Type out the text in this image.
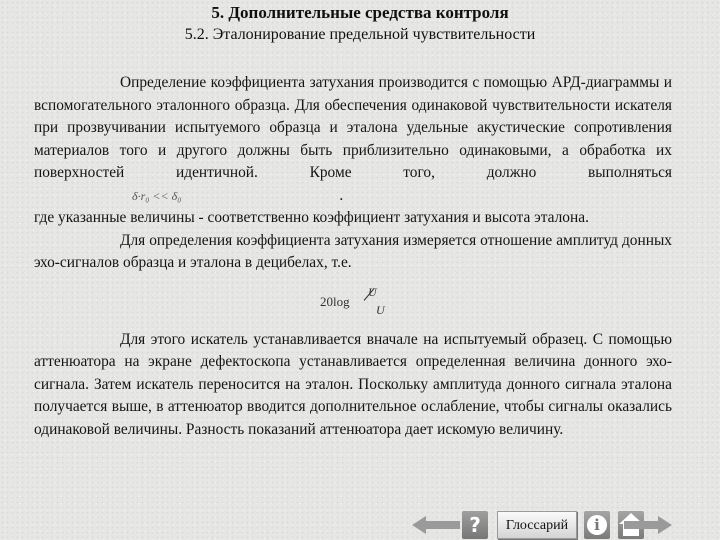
5. Дополнительные средства контроля
5.2. Эталонирование предельной чувствительности

Определение коэффициента затухания производится с помощью АРД-диаграммы и вспомогательного эталонного образца. Для обеспечения одинаковой чувствительности искателя при прозвучивании испытуемого образца и эталона удельные акустические сопротивления материалов того и другого должны быть приблизительно одинаковыми, а обработка их поверхностей идентичной. Кроме того, должно выполнятьсяδ·r₀ << δ₀	.

где указанные величины - соответственно коэффициент затухания и высота эталона.

Для определения коэффициента затухания измеряется отношение амплитуд донных эхо-сигналов образца и эталона в децибелах, т.е.

20log
U
U

Для этого искатель устанавливается вначале на испытуемый образец. С помощью аттенюатора на экране дефектоскопа устанавливается определенная величина донного эхо-сигнала. Затем искатель переносится на эталон. Поскольку амплитуда донного сигнала эталона получается выше, в аттенюатор вводится дополнительное ослабление, чтобы сигналы оказались одинаковой величины. Разность показаний аттенюатора дает искомую величину.

?	Глоссарий	i
